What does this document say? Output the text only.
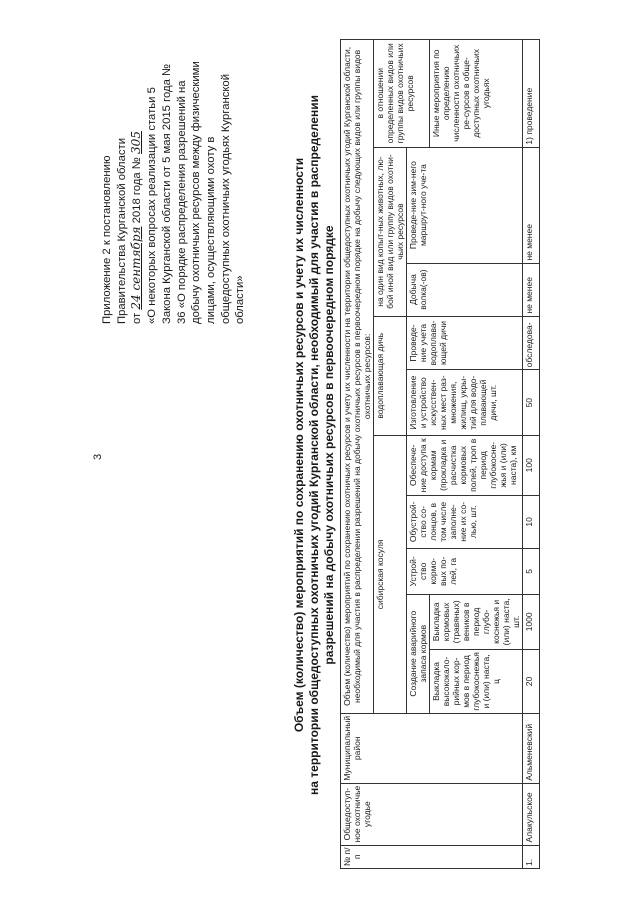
3
Приложение 2 к постановлению Правительства Курганской области от 24 сентября 2018 года № 305 «О некоторых вопросах реализации статьи 5 Закона Курганской области от 5 мая 2015 года № 36 «О порядке распределения разрешений на добычу охотничьих ресурсов между физическими лицами, осуществляющими охоту в общедоступных охотничьих угодьях Курганской области»	Объем (количество) мероприятий по сохранению охотничьих ресурсов и учету их численности на территории общедоступных охотничьих угодий Курганской области, необходимый для участия в распределении разрешений на добычу охотничьих ресурсов в первоочередном порядке
№ п/п	Общедоступ-ное охотничье угодье	Муниципальный район	Объем (количество) мероприятий по сохранению охотничьих ресурсов и учету их численности на территории общедоступных охотничьих угодий Курганской области, необходимый для участия в распределении разрешений на добычу охотничьих ресурсов в первоочередном порядке на добычу следующих видов или группы видов охотничьих ресурсов:									
			сибирская косуля					водоплавающая дичь		на один вид копыт-ных животных, лю-бой иной вид или группу видов охотни-чьих ресурсов		в отношении определенных видов или группы видов охотничьих ресурсов
			Создание аварийного запаса кормов		Устрой-ство кормо-вых по-лей, га	Обустрой-ство со-лонцов, в том числе заполне-ние их со-лью, шт.	Обеспече-ние доступа к кормам (прокладка и расчистка кормовых полей, троп в период глубокосне-жья и (или) наста), км	Изготовление и устройство искусствен-ных мест раз-множения, жилищ, укры-тий для водо-плавающей дичи, шт.	Проведе-ние учета водоплава-ющей дичи	Добыча волка(-ов)	Проведе-ние зим-него маршрут-ного уче-та	
			Выкладка высококало-рийных кор-мов в период глубокоснежья и (или) наста, ц	Выкладка кормовых (травяных) веников в период глубо-коснежья и (или) наста, шт.								Иные мероприятия по определению численности охотничьих ре-сурсов в обще-доступных охотничьих угодьях
1.	Алакульское	Альменевский	20	1000	5	10	100	50	обследова-	не менее	не менее	1) проведение
